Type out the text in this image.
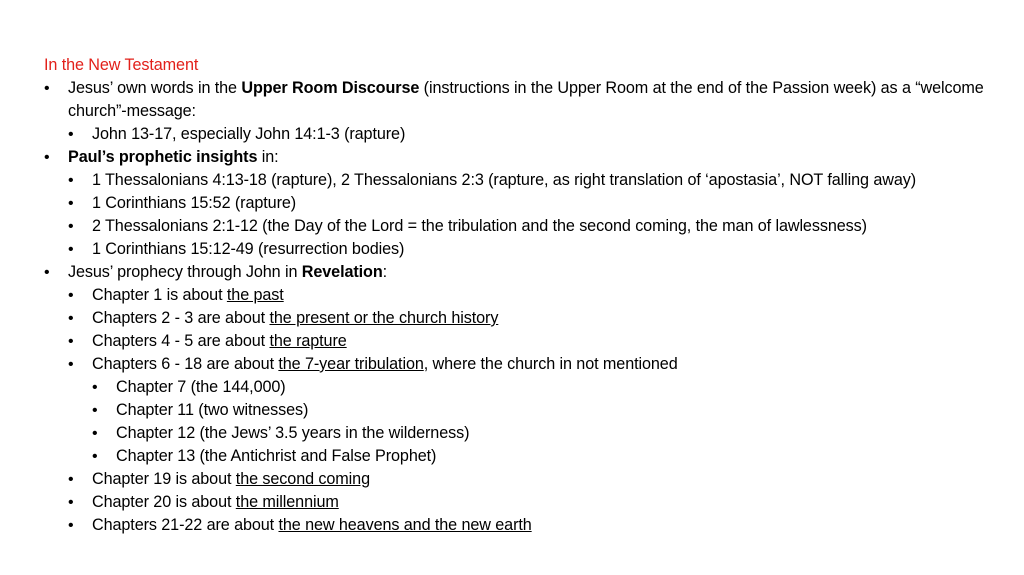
In the New Testament
• Jesus’ own words in the Upper Room Discourse (instructions in the Upper Room at the end of the Passion week) as a “welcome church”-message:
• John 13-17, especially John 14:1-3 (rapture)
• Paul’s prophetic insights in:
• 1 Thessalonians 4:13-18 (rapture), 2 Thessalonians 2:3 (rapture, as right translation of ‘apostasia’, NOT falling away)
• 1 Corinthians 15:52 (rapture)
• 2 Thessalonians 2:1-12 (the Day of the Lord = the tribulation and the second coming, the man of lawlessness)
• 1 Corinthians 15:12-49 (resurrection bodies)
• Jesus’ prophecy through John in Revelation:
• Chapter 1 is about the past
• Chapters 2 - 3 are about the present or the church history
• Chapters 4 - 5 are about the rapture
• Chapters 6 - 18 are about the 7-year tribulation, where the church in not mentioned
• Chapter 7 (the 144,000)
• Chapter 11 (two witnesses)
• Chapter 12 (the Jews’ 3.5 years in the wilderness)
• Chapter 13 (the Antichrist and False Prophet)
• Chapter 19 is about the second coming
• Chapter 20 is about the millennium
• Chapters 21-22 are about the new heavens and the new earth
